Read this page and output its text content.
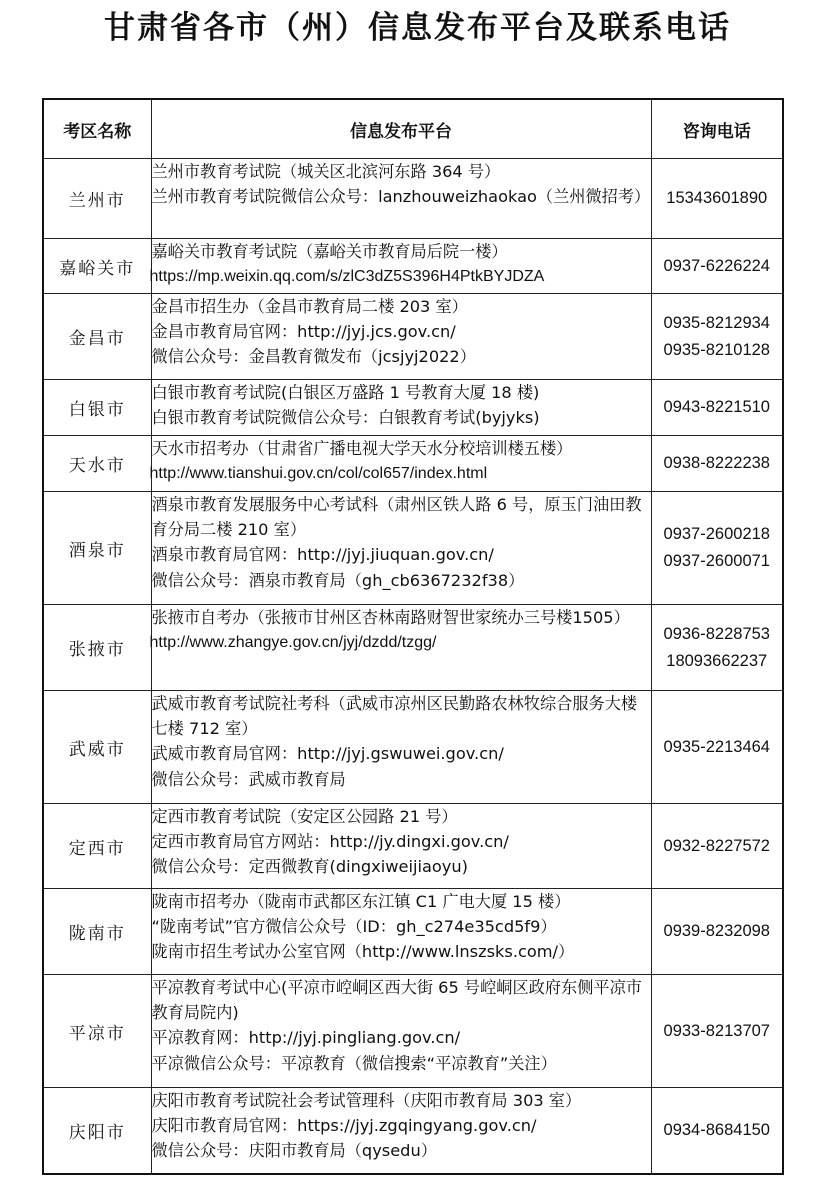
甘肃省各市（州）信息发布平台及联系电话
考区名称	信息发布平台	咨询电话
兰州市	兰州市教育考试院（城关区北滨河东路 364 号）
兰州市教育考试院微信公众号：lanzhouweizhaokao（兰州微招考）	15343601890

嘉峪关市	嘉峪关市教育考试院（嘉峪关市教育局后院一楼）
https://mp.weixin.qq.com/s/zlC3dZ5S396H4PtkBYJDZA	0937-6226224

金昌市	金昌市招生办（金昌市教育局二楼 203 室）
金昌市教育局官网：http://jyj.jcs.gov.cn/
微信公众号：金昌教育微发布（jcsjyj2022）	0935-8212934
0935-8210128

白银市	白银市教育考试院(白银区万盛路 1 号教育大厦 18 楼)
白银市教育考试院微信公众号：白银教育考试(byjyks)	0943-8221510

天水市	天水市招考办（甘肃省广播电视大学天水分校培训楼五楼）
http://www.tianshui.gov.cn/col/col657/index.html	0938-8222238

酒泉市	酒泉市教育发展服务中心考试科（肃州区铁人路 6 号，原玉门油田教育分局二楼 210 室）
酒泉市教育局官网：http://jyj.jiuquan.gov.cn/
微信公众号：酒泉市教育局（gh_cb6367232f38）	0937-2600218
0937-2600071

张掖市	张掖市自考办（张掖市甘州区杏林南路财智世家统办三号楼1505）
http://www.zhangye.gov.cn/jyj/dzdd/tzgg/	0936-8228753
18093662237

武威市	武威市教育考试院社考科（武威市凉州区民勤路农林牧综合服务大楼七楼 712 室）
武威市教育局官网：http://jyj.gswuwei.gov.cn/
微信公众号：武威市教育局	0935-2213464

定西市	定西市教育考试院（安定区公园路 21 号）
定西市教育局官方网站：http://jy.dingxi.gov.cn/
微信公众号：定西微教育(dingxiweijiaoyu)	0932-8227572

陇南市	陇南市招考办（陇南市武都区东江镇 C1 广电大厦 15 楼）
“陇南考试”官方微信公众号（ID：gh_c274e35cd5f9）
陇南市招生考试办公室官网（http://www.lnszsks.com/）	0939-8232098

平凉市	平凉教育考试中心(平凉市崆峒区西大街 65 号崆峒区政府东侧平凉市教育局院内)
平凉教育网：http://jyj.pingliang.gov.cn/
平凉微信公众号：平凉教育（微信搜索“平凉教育”关注）	0933-8213707

庆阳市	庆阳市教育考试院社会考试管理科（庆阳市教育局 303 室）
庆阳市教育局官网：https://jyj.zgqingyang.gov.cn/
微信公众号：庆阳市教育局（qysedu）	0934-8684150
